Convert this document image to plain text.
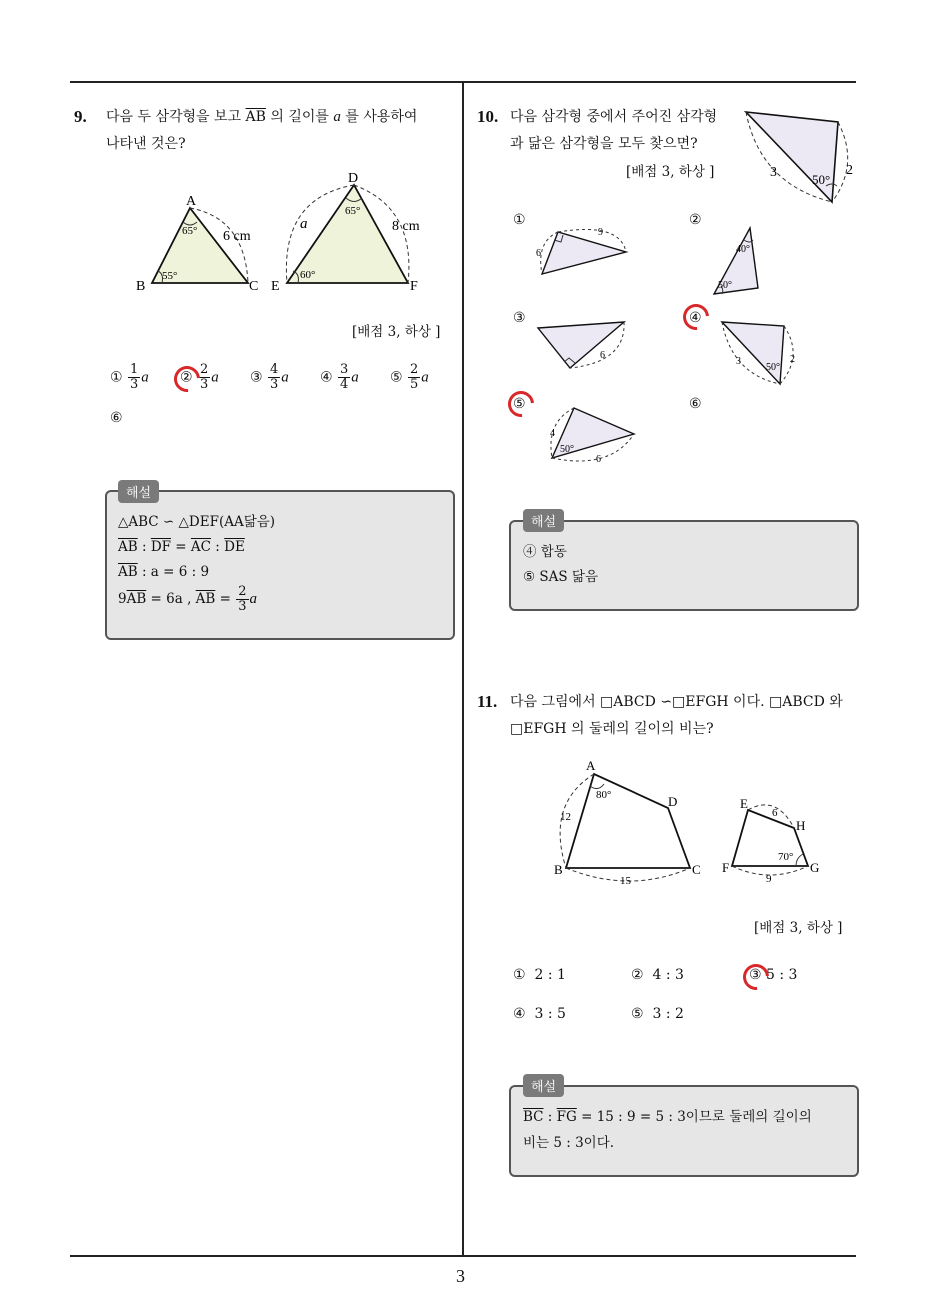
9. 다음 두 삼각형을 보고 $\overline{AB}$ 의 길이를 a 를 사용하여
나타낸 것은?
A
B	C
65°
55°
6 cm
D
E	F
65°
60°
8 cm
a
[배점 3, 하상 ]
① $\frac{1}{3}$ a ② $\frac{2}{3}$ a ③ $\frac{4}{3}$ a ④ $\frac{3}{4}$ a ⑤ $\frac{2}{5}$ a
⑥
해설
△ABC ∽ △DEF(AA닮음)
$\overline{AB}$ : $\overline{DF} = \overline{AC}$ : $\overline{DE}$
$\overline{AB}$ : a = 6 : 9
$9\overline{AB} = 6a$ , $\overline{AB} = \frac{2}{3}$ a
10. 다음 삼각형 중에서 주어진 삼각형
과 닮은 삼각형을 모두 찾으면?
[배점 3, 하상 ]	3	50°
2
①
6
9
②
40°
50°
③
6
④
3
50°
2
⑤
4
50°
6
⑥
해설
④ 합동
⑤ SAS 닮음
11. 다음 그림에서 □ABCD ∽□EFGH 이다. □ABCD 와
□EFGH 의 둘레의 길이의 비는?
A
B	C
D
80°
12
15
E
F	G
H
6
70°
9
[배점 3, 하상 ]
① 2 : 1	② 4 : 3	③ 5 : 3
④ 3 : 5	⑤ 3 : 2
해설
$\overline{BC}$ : $\overline{FG} = 15$ : 9 = 5 : 3이므로 둘레의 길이의
비는 5 : 3이다.
3
